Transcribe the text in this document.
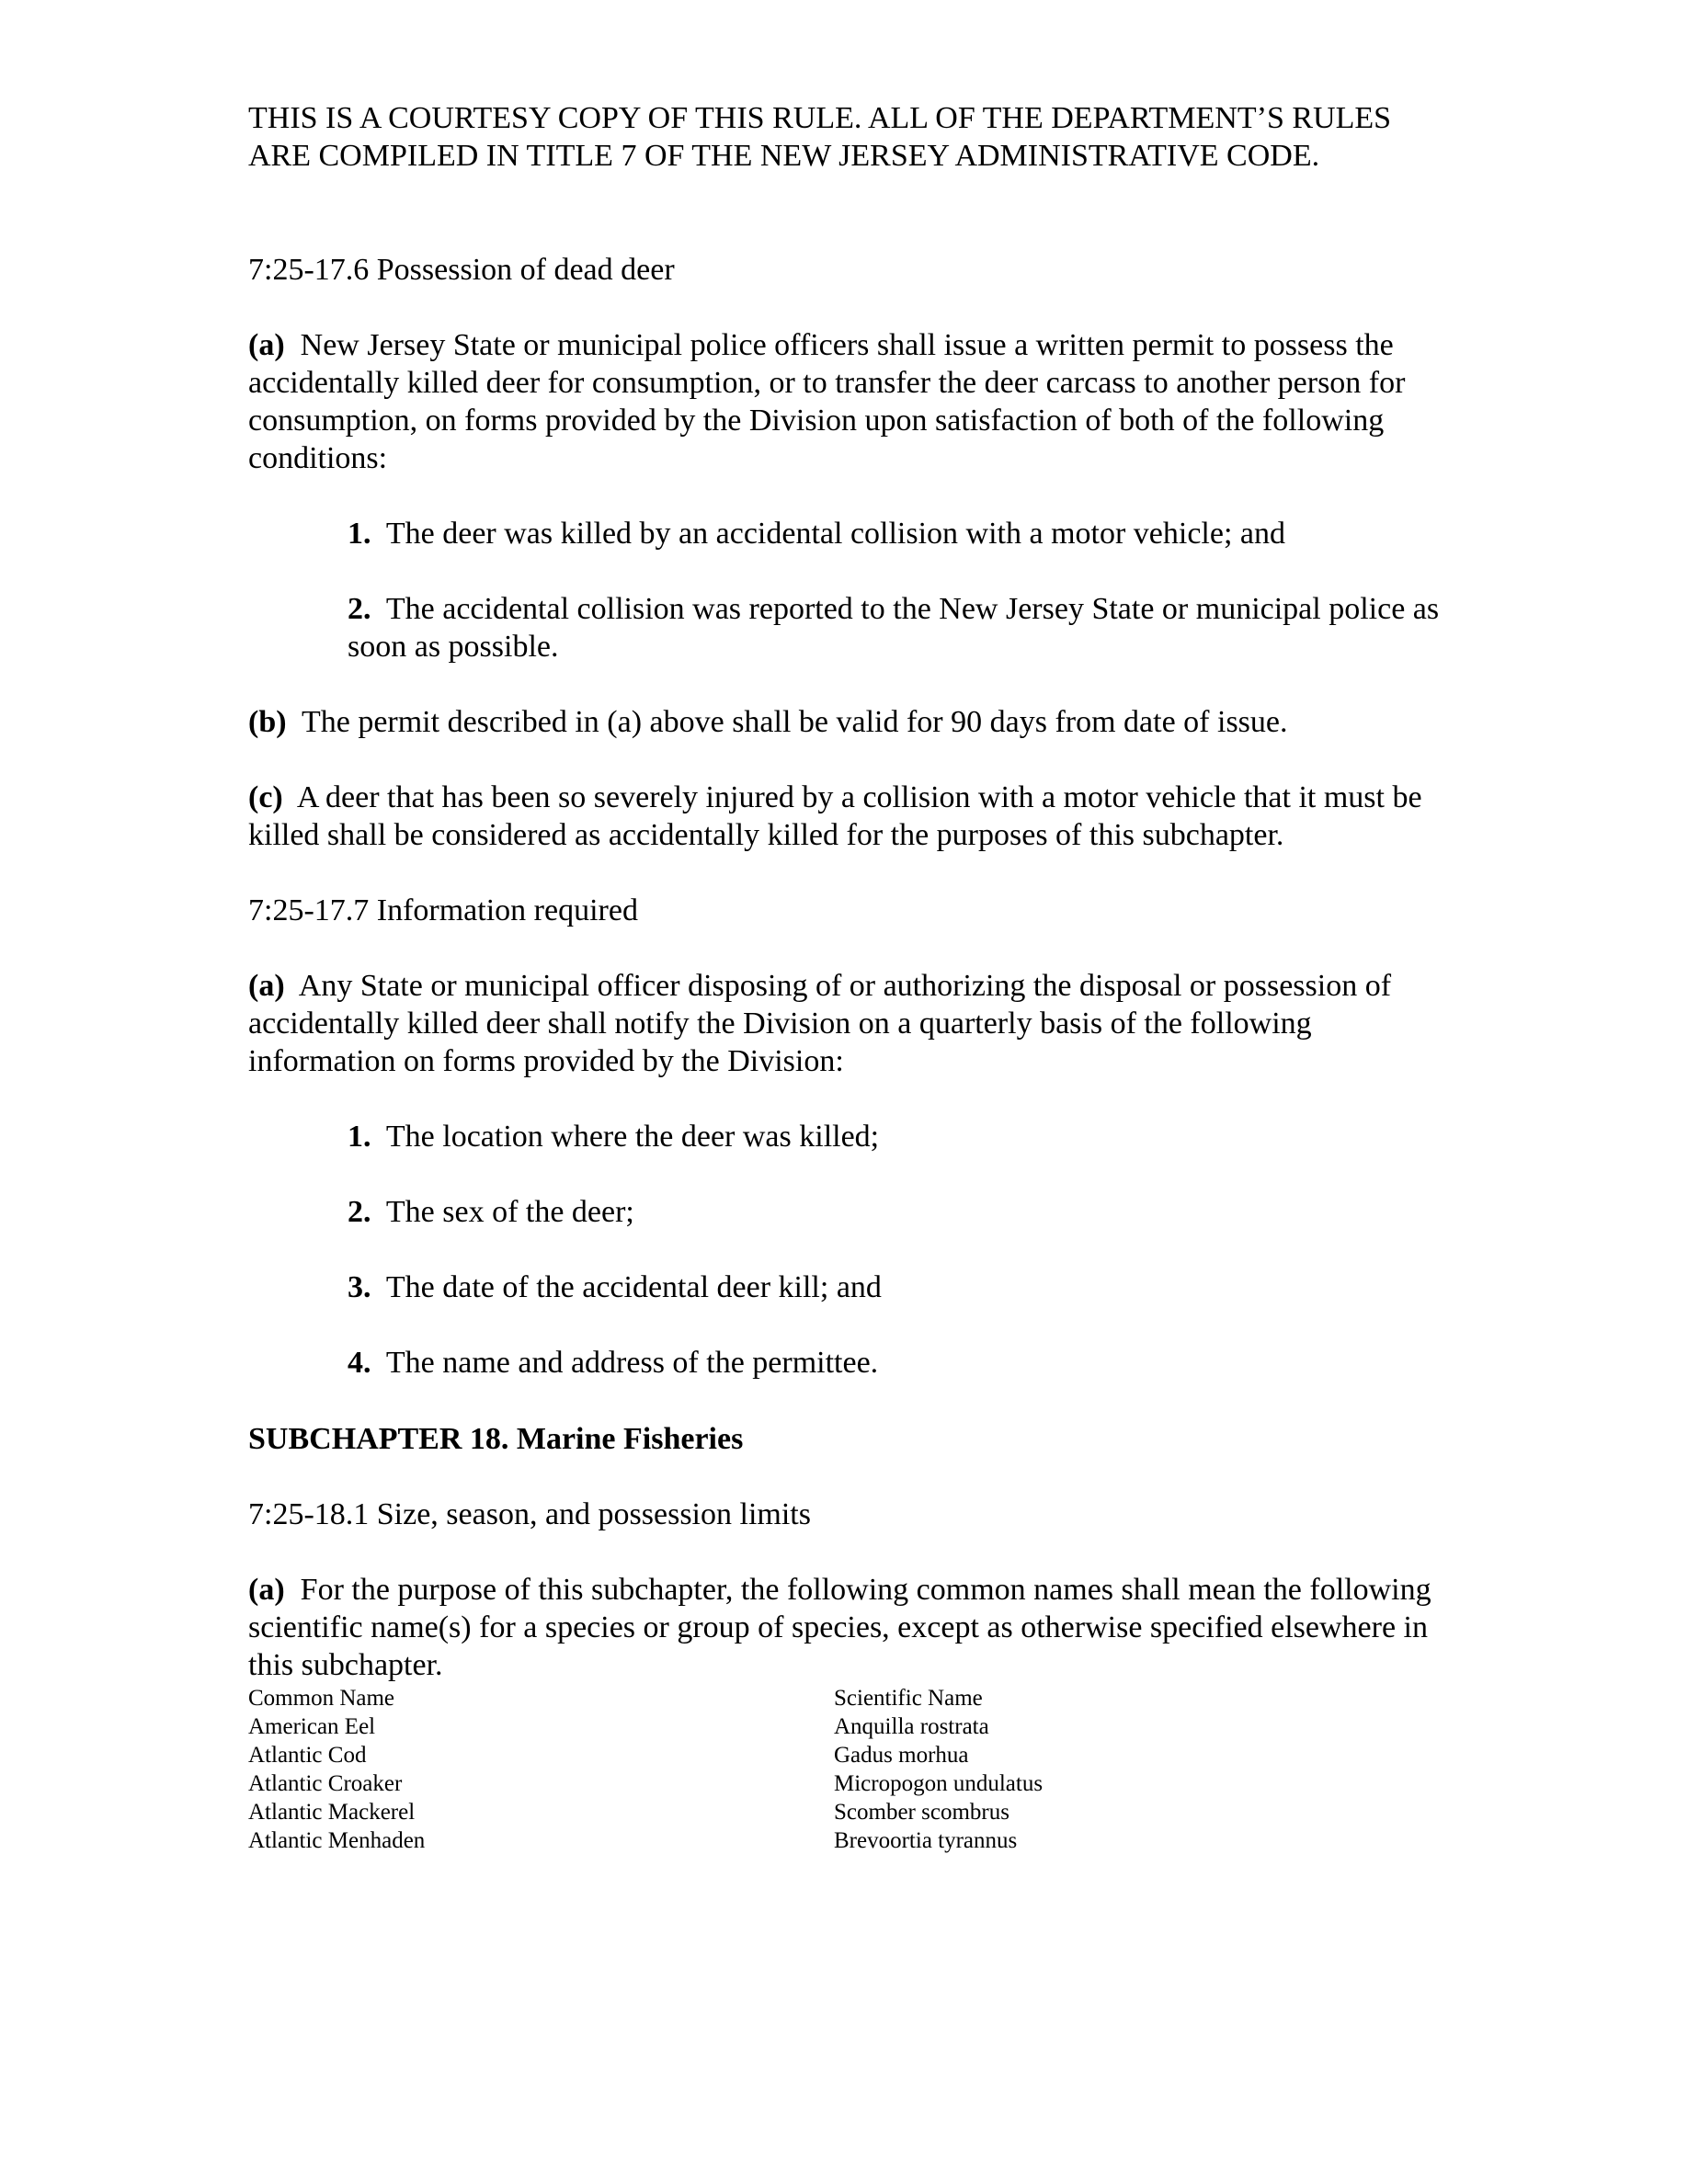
THIS IS A COURTESY COPY OF THIS RULE. ALL OF THE DEPARTMENT’S RULES ARE COMPILED IN TITLE 7 OF THE NEW JERSEY ADMINISTRATIVE CODE.

7:25-17.6 Possession of dead deer

(a) New Jersey State or municipal police officers shall issue a written permit to possess the accidentally killed deer for consumption, or to transfer the deer carcass to another person for consumption, on forms provided by the Division upon satisfaction of both of the following conditions:

1. The deer was killed by an accidental collision with a motor vehicle; and

2. The accidental collision was reported to the New Jersey State or municipal police as soon as possible.

(b) The permit described in (a) above shall be valid for 90 days from date of issue.

(c) A deer that has been so severely injured by a collision with a motor vehicle that it must be killed shall be considered as accidentally killed for the purposes of this subchapter.

7:25-17.7 Information required

(a) Any State or municipal officer disposing of or authorizing the disposal or possession of accidentally killed deer shall notify the Division on a quarterly basis of the following information on forms provided by the Division:

1. The location where the deer was killed;

2. The sex of the deer;

3. The date of the accidental deer kill; and

4. The name and address of the permittee.

SUBCHAPTER 18. Marine Fisheries

7:25-18.1 Size, season, and possession limits

(a) For the purpose of this subchapter, the following common names shall mean the following scientific name(s) for a species or group of species, except as otherwise specified elsewhere in this subchapter.

Common Name	Scientific Name
American Eel	Anquilla rostrata
Atlantic Cod	Gadus morhua
Atlantic Croaker	Micropogon undulatus
Atlantic Mackerel	Scomber scombrus
Atlantic Menhaden	Brevoortia tyrannus
